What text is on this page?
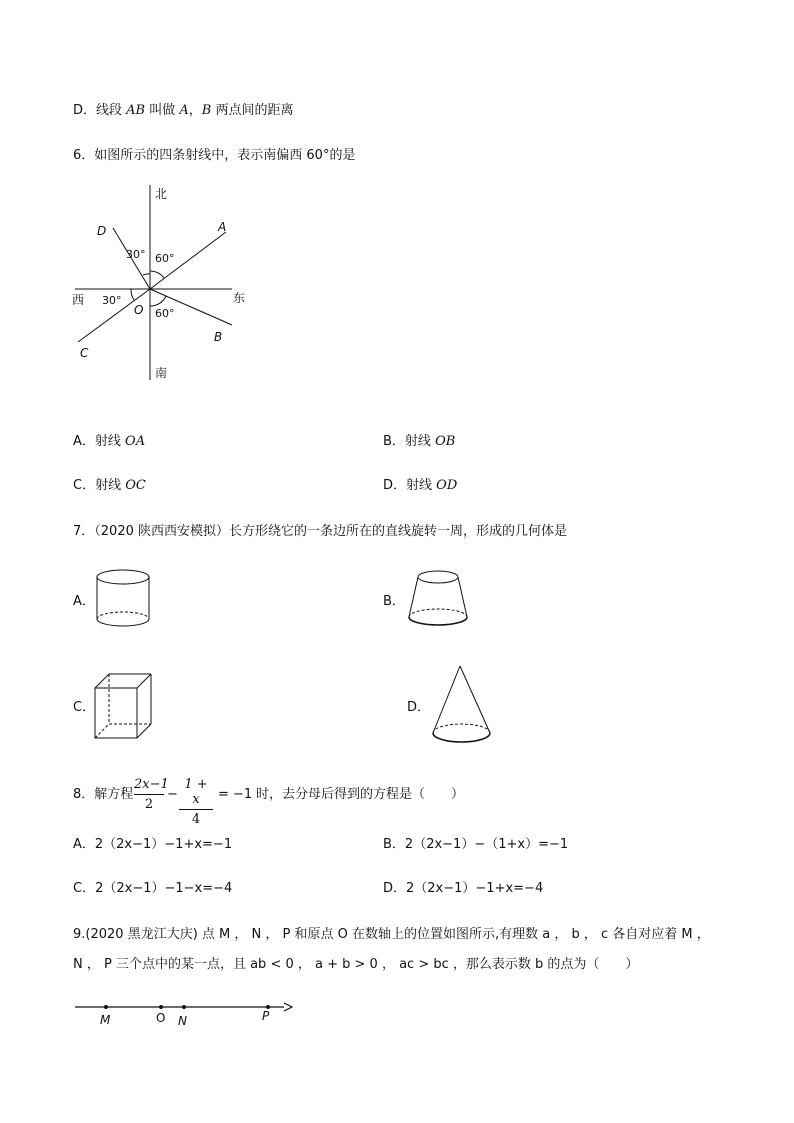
D．线段 AB 叫做 A，B 两点间的距离
6．如图所示的四条射线中，表示南偏西 60°的是
北
南
东
西
A
B
C
D
O
30° 60°
30°
60°
A．射线 OA	B．射线 OB
C．射线 OC	D．射线 OD
7．（2020 陕西西安模拟）长方形绕它的一条边所在的直线旋转一周，形成的几何体是
A．	B．
C．	D．
8．解方程
2x−1
2
−
1 + x
4
= −1 时，去分母后得到的方程是（　　）
A．2（2x−1）−1+x=−1	B．2（2x−1）−（1+x）=−1
C．2（2x−1）−1−x=−4	D．2（2x−1）−1+x=−4
9.(2020 黑龙江大庆) 点 M ， N ， P 和原点 O 在数轴上的位置如图所示,有理数 a ， b ， c 各自对应着 M ，
N ， P 三个点中的某一点，且 ab < 0 ， a + b > 0 ， ac > bc ，那么表示数 b 的点为（　　）
M	O N	P
